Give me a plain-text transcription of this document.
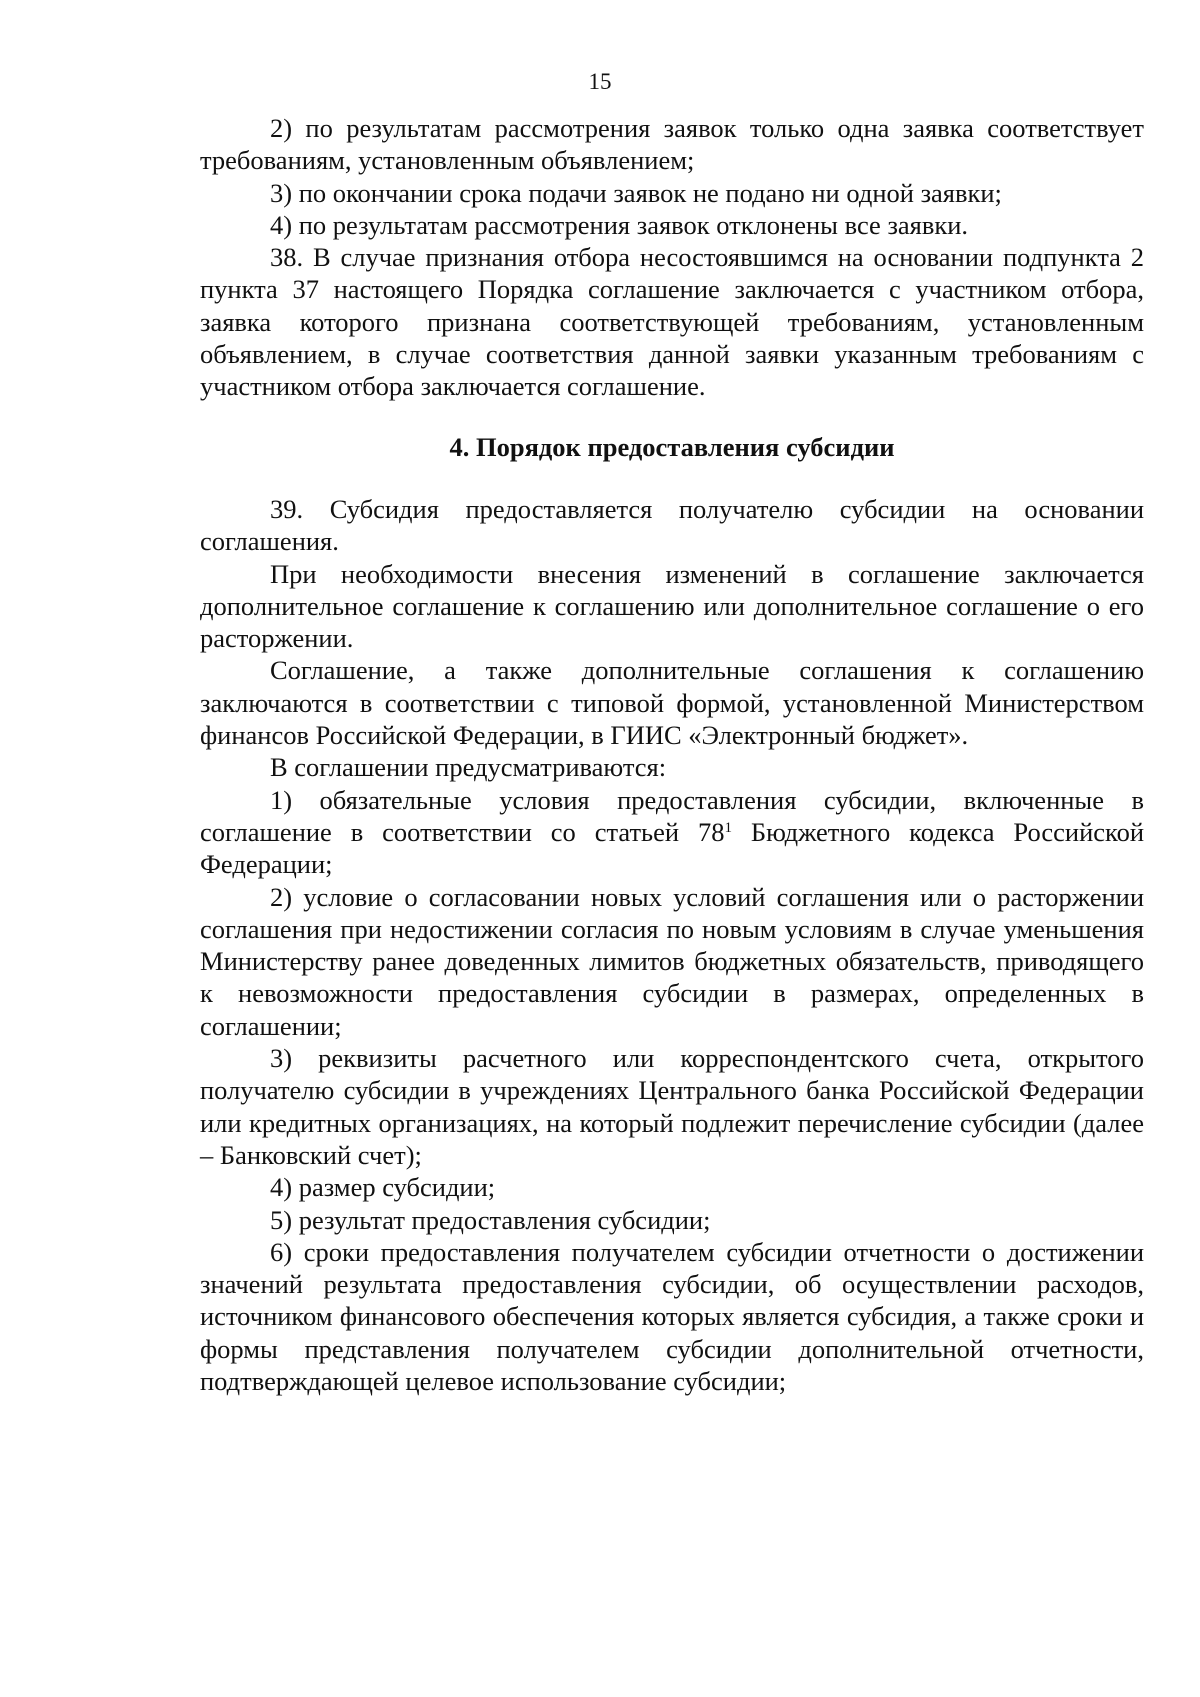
15

2) по результатам рассмотрения заявок только одна заявка соответствует требованиям, установленным объявлением;

3) по окончании срока подачи заявок не подано ни одной заявки;

4) по результатам рассмотрения заявок отклонены все заявки.

38. В случае признания отбора несостоявшимся на основании подпункта 2 пункта 37 настоящего Порядка соглашение заключается с участником отбора, заявка которого признана соответствующей требованиям, установленным объявлением, в случае соответствия данной заявки указанным требованиям с участником отбора заключается соглашение.

4. Порядок предоставления субсидии

39. Субсидия предоставляется получателю субсидии на основании соглашения.

При необходимости внесения изменений в соглашение заключается дополнительное соглашение к соглашению или дополнительное соглашение о его расторжении.

Соглашение, а также дополнительные соглашения к соглашению заключаются в соответствии с типовой формой, установленной Министерством финансов Российской Федерации, в ГИИС «Электронный бюджет».

В соглашении предусматриваются:

1) обязательные условия предоставления субсидии, включенные в соглашение в соответствии со статьей $78^1$ Бюджетного кодекса Российской Федерации;

2) условие о согласовании новых условий соглашения или о расторжении соглашения при недостижении согласия по новым условиям в случае уменьшения Министерству ранее доведенных лимитов бюджетных обязательств, приводящего к невозможности предоставления субсидии в размерах, определенных в соглашении;

3) реквизиты расчетного или корреспондентского счета, открытого получателю субсидии в учреждениях Центрального банка Российской Федерации или кредитных организациях, на который подлежит перечисление субсидии (далее – Банковский счет);

4) размер субсидии;

5) результат предоставления субсидии;

6) сроки предоставления получателем субсидии отчетности о достижении значений результата предоставления субсидии, об осуществлении расходов, источником финансового обеспечения которых является субсидия, а также сроки и формы представления получателем субсидии дополнительной отчетности, подтверждающей целевое использование субсидии;
